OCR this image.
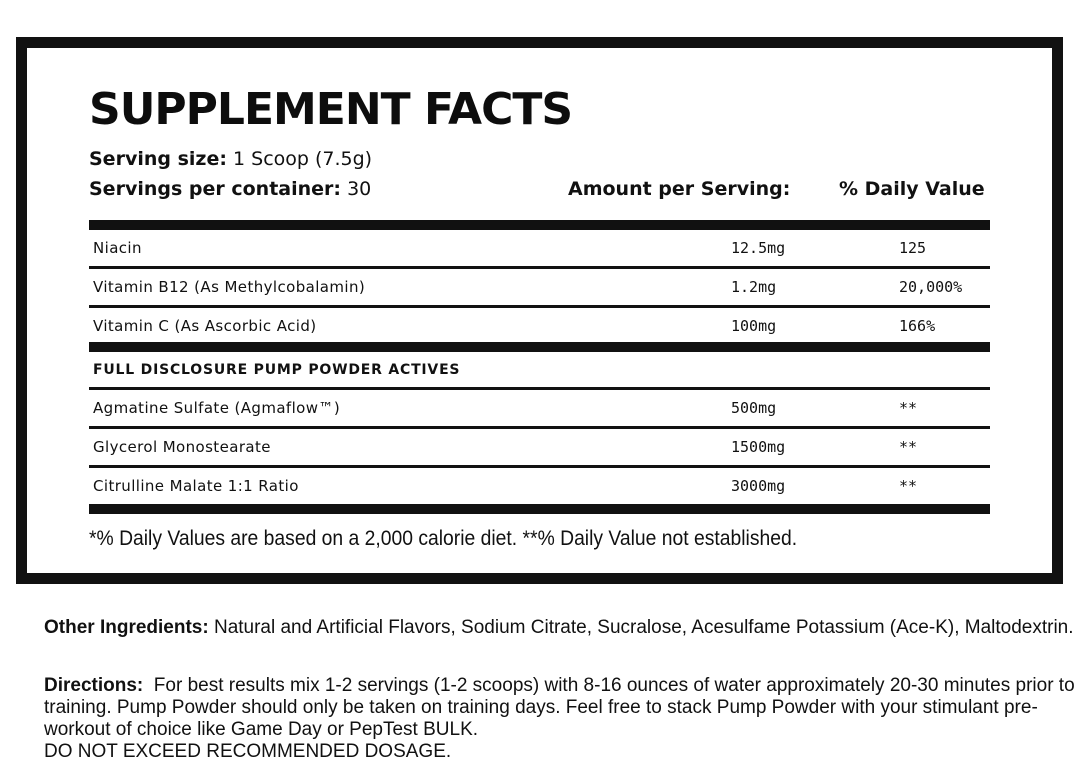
SUPPLEMENT FACTS
Serving size: 1 Scoop (7.5g)
Servings per container: 30	Amount per Serving:	% Daily Value
Niacin	12.5mg	125
Vitamin B12 (As Methylcobalamin)	1.2mg	20,000%
Vitamin C (As Ascorbic Acid)	100mg	166%
FULL DISCLOSURE PUMP POWDER ACTIVES
Agmatine Sulfate (Agmaflow™)	500mg	**
Glycerol Monostearate	1500mg	**
Citrulline Malate 1:1 Ratio	3000mg	**
*% Daily Values are based on a 2,000 calorie diet. **% Daily Value not established.
Other Ingredients: Natural and Artificial Flavors, Sodium Citrate, Sucralose, Acesulfame Potassium (Ace-K), Maltodextrin.
Directions:  For best results mix 1-2 servings (1-2 scoops) with 8-16 ounces of water approximately 20-30 minutes prior to training. Pump Powder should only be taken on training days. Feel free to stack Pump Powder with your stimulant pre-workout of choice like Game Day or PepTest BULK.
DO NOT EXCEED RECOMMENDED DOSAGE.
